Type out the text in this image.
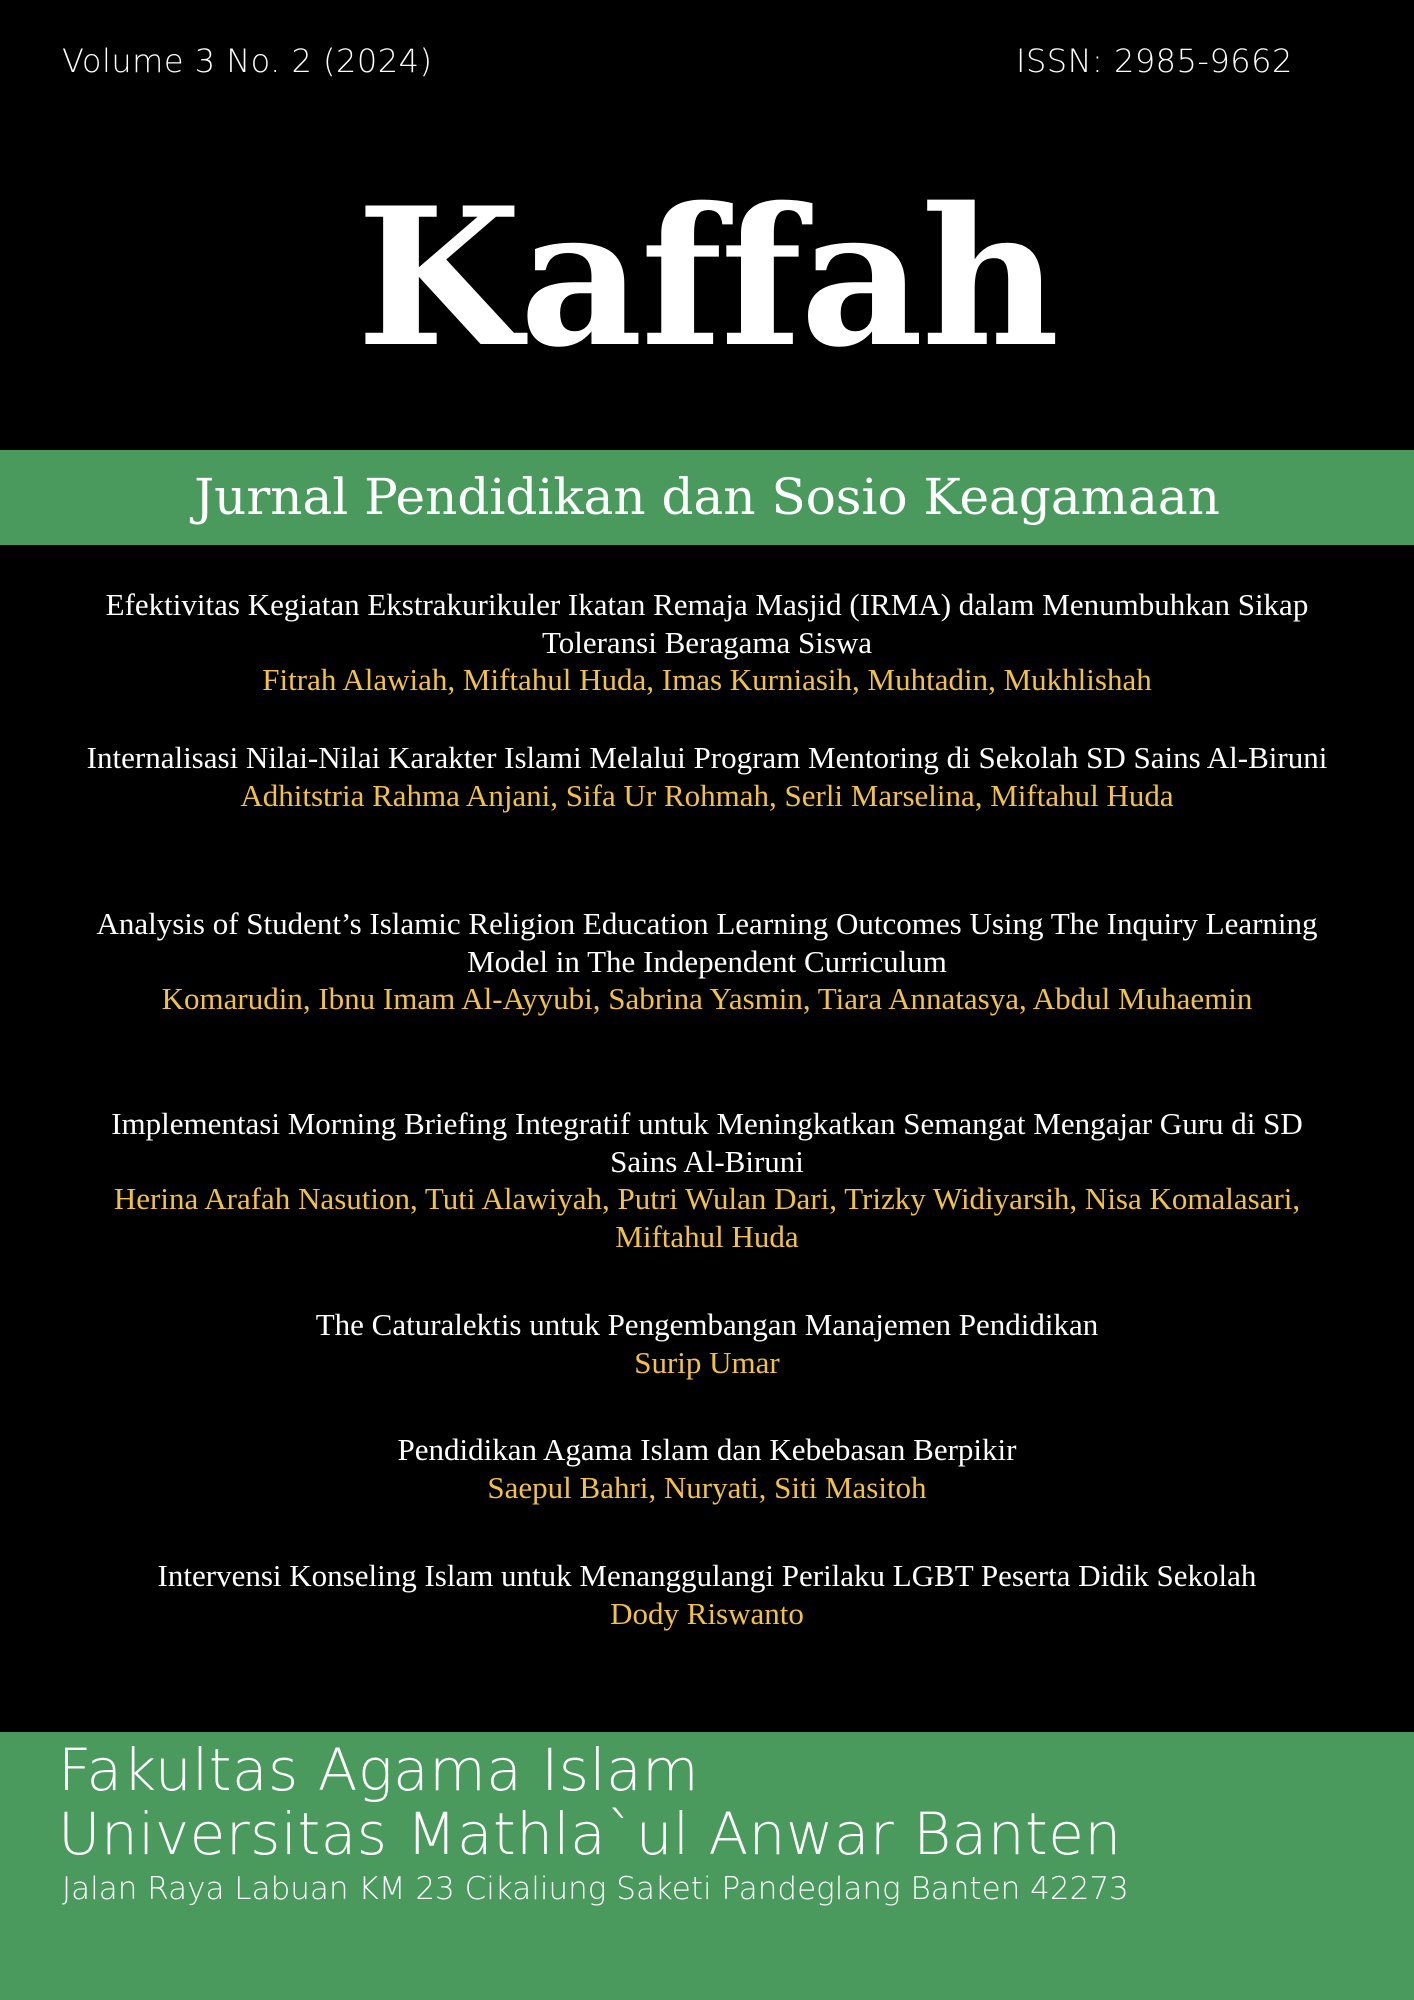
Volume 3 No. 2 (2024)	ISSN: 2985-9662
Kaffah
Jurnal Pendidikan dan Sosio Keagamaan
Efektivitas Kegiatan Ekstrakurikuler Ikatan Remaja Masjid (IRMA) dalam Menumbuhkan Sikap Toleransi Beragama Siswa
Fitrah Alawiah, Miftahul Huda, Imas Kurniasih, Muhtadin, Mukhlishah
Internalisasi Nilai-Nilai Karakter Islami Melalui Program Mentoring di Sekolah SD Sains Al-Biruni
Adhitstria Rahma Anjani, Sifa Ur Rohmah, Serli Marselina, Miftahul Huda
Analysis of Student’s Islamic Religion Education Learning Outcomes Using The Inquiry Learning Model in The Independent Curriculum
Komarudin, Ibnu Imam Al-Ayyubi, Sabrina Yasmin, Tiara Annatasya, Abdul Muhaemin
Implementasi Morning Briefing Integratif untuk Meningkatkan Semangat Mengajar Guru di SD Sains Al-Biruni
Herina Arafah Nasution, Tuti Alawiyah, Putri Wulan Dari, Trizky Widiyarsih, Nisa Komalasari, Miftahul Huda
The Caturalektis untuk Pengembangan Manajemen Pendidikan
Surip Umar
Pendidikan Agama Islam dan Kebebasan Berpikir
Saepul Bahri, Nuryati, Siti Masitoh
Intervensi Konseling Islam untuk Menanggulangi Perilaku LGBT Peserta Didik Sekolah
Dody Riswanto
Fakultas Agama Islam
Universitas Mathla`ul Anwar Banten
Jalan Raya Labuan KM 23 Cikaliung Saketi Pandeglang Banten 42273
